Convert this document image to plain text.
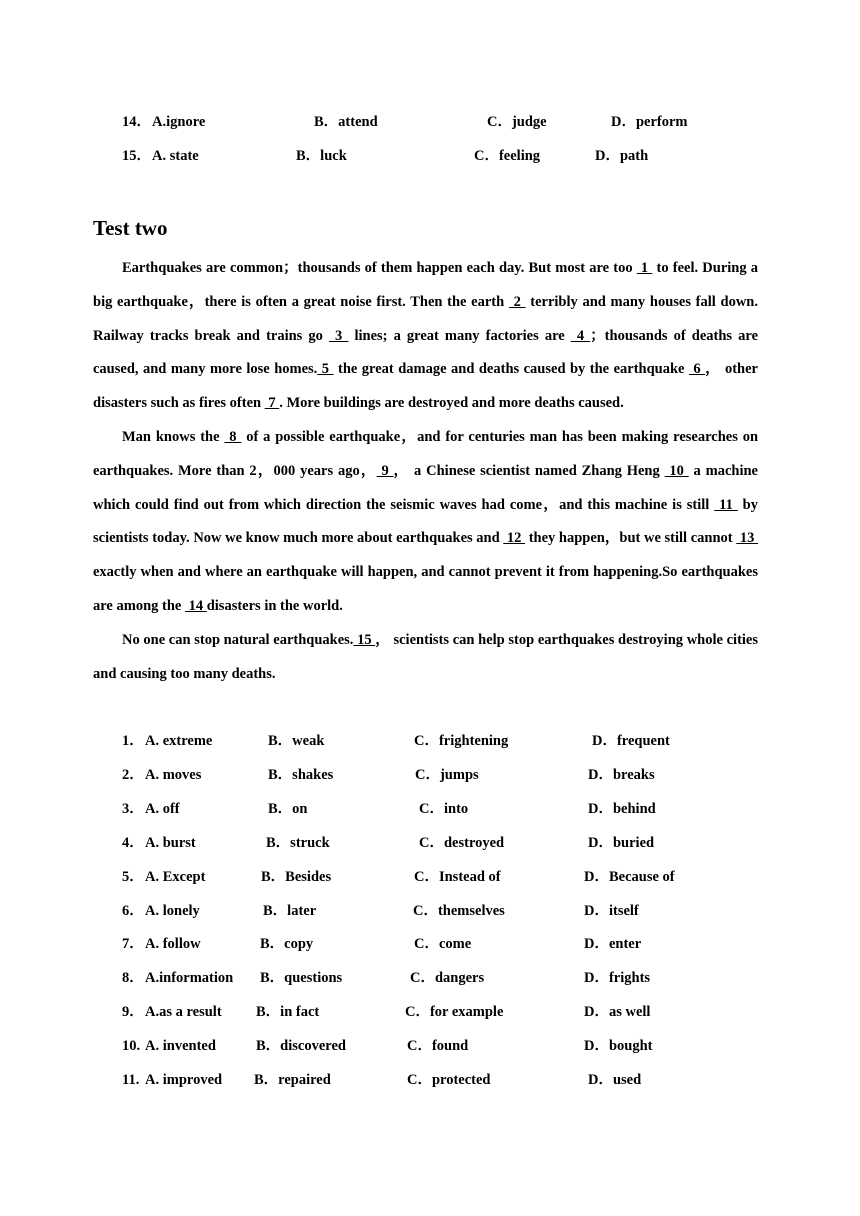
14． A.ignore	B．attend	C．judge	D．perform
15． A. state	B．luck	C．feeling	D．path
Test two

Earthquakes are common；thousands of them happen each day. But most are too  1  to feel. During a big earthquake，there is often a great noise first. Then the earth  2  terribly and many houses fall down. Railway tracks break and trains go  3  lines; a great many factories are  4 ；thousands of deaths are caused, and many more lose homes. 5  the great damage and deaths caused by the earthquake  6 ， other disasters such as fires often  7 . More buildings are destroyed and more deaths caused.

Man knows the  8  of a possible earthquake，and for centuries man has been making researches on earthquakes. More than 2，000 years ago， 9 ， a Chinese scientist named Zhang Heng  10  a machine which could find out from which direction the seismic waves had come，and this machine is still  11  by scientists today. Now we know much more about earthquakes and  12  they happen，but we still cannot  13  exactly when and where an earthquake will happen, and cannot prevent it from happening.So earthquakes are among the  14 disasters in the world.

No one can stop natural earthquakes. 15 ， scientists can help stop earthquakes destroying whole cities and causing too many deaths.

1． A. extreme	B．weak	C．frightening	D．frequent
2． A. moves	B．shakes	C．jumps	D．breaks
3． A. off	B．on	C．into	D．behind
4． A. burst	B．struck	C．destroyed	D．buried
5． A. Except	B．Besides	C．Instead of	D．Because of
6． A. lonely	B．later	C．themselves	D．itself
7． A. follow	B．copy	C．come	D．enter
8． A.information B．questions	C．dangers	D．frights
9． A.as a result B．in fact	C．for example	D．as well
10. A. invented	B．discovered	C．found	D．bought
11. A. improved B．repaired	C．protected	D．used
